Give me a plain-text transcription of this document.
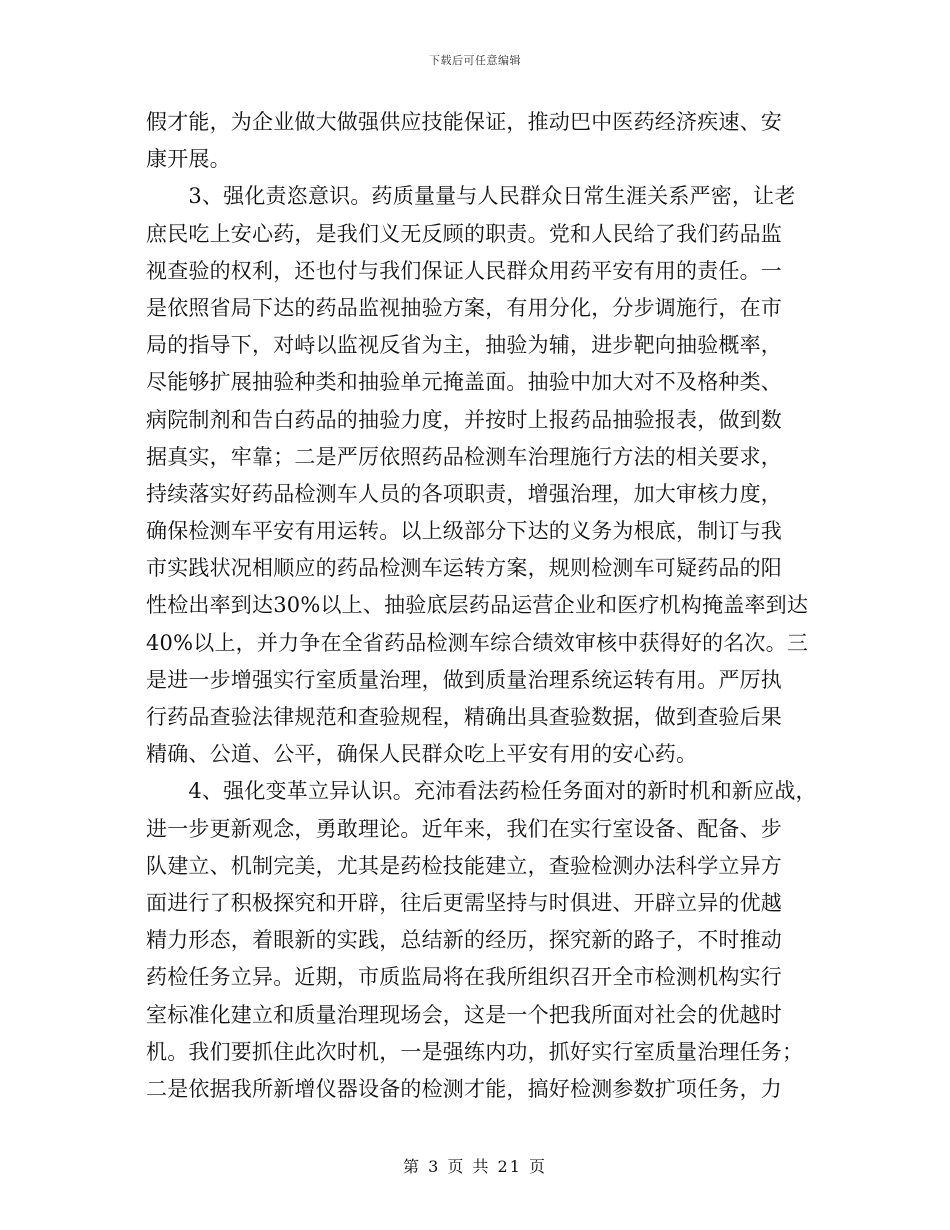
下载后可任意编辑
假才能，为企业做大做强供应技能保证，推动巴中医药经济疾速、安
康开展。
　　3、强化责恣意识。药质量量与人民群众日常生涯关系严密，让老
庶民吃上安心药，是我们义无反顾的职责。党和人民给了我们药品监
视查验的权利，还也付与我们保证人民群众用药平安有用的责任。一
是依照省局下达的药品监视抽验方案，有用分化，分步调施行，在市
局的指导下，对峙以监视反省为主，抽验为辅，进步靶向抽验概率，
尽能够扩展抽验种类和抽验单元掩盖面。抽验中加大对不及格种类、
病院制剂和告白药品的抽验力度，并按时上报药品抽验报表，做到数
据真实，牢靠；二是严厉依照药品检测车治理施行方法的相关要求，
持续落实好药品检测车人员的各项职责，增强治理，加大审核力度，
确保检测车平安有用运转。以上级部分下达的义务为根底，制订与我
市实践状况相顺应的药品检测车运转方案，规则检测车可疑药品的阳
性检出率到达30%以上、抽验底层药品运营企业和医疗机构掩盖率到达
40%以上，并力争在全省药品检测车综合绩效审核中获得好的名次。三
是进一步增强实行室质量治理，做到质量治理系统运转有用。严厉执
行药品查验法律规范和查验规程，精确出具查验数据，做到查验后果
精确、公道、公平，确保人民群众吃上平安有用的安心药。
　　4、强化变革立异认识。充沛看法药检任务面对的新时机和新应战，
进一步更新观念，勇敢理论。近年来，我们在实行室设备、配备、步
队建立、机制完美，尤其是药检技能建立，查验检测办法科学立异方
面进行了积极探究和开辟，往后更需坚持与时俱进、开辟立异的优越
精力形态，着眼新的实践，总结新的经历，探究新的路子，不时推动
药检任务立异。近期，市质监局将在我所组织召开全市检测机构实行
室标准化建立和质量治理现场会，这是一个把我所面对社会的优越时
机。我们要抓住此次时机，一是强练内功，抓好实行室质量治理任务；
二是依据我所新增仪器设备的检测才能，搞好检测参数扩项任务，力
第 3 页 共 21 页
